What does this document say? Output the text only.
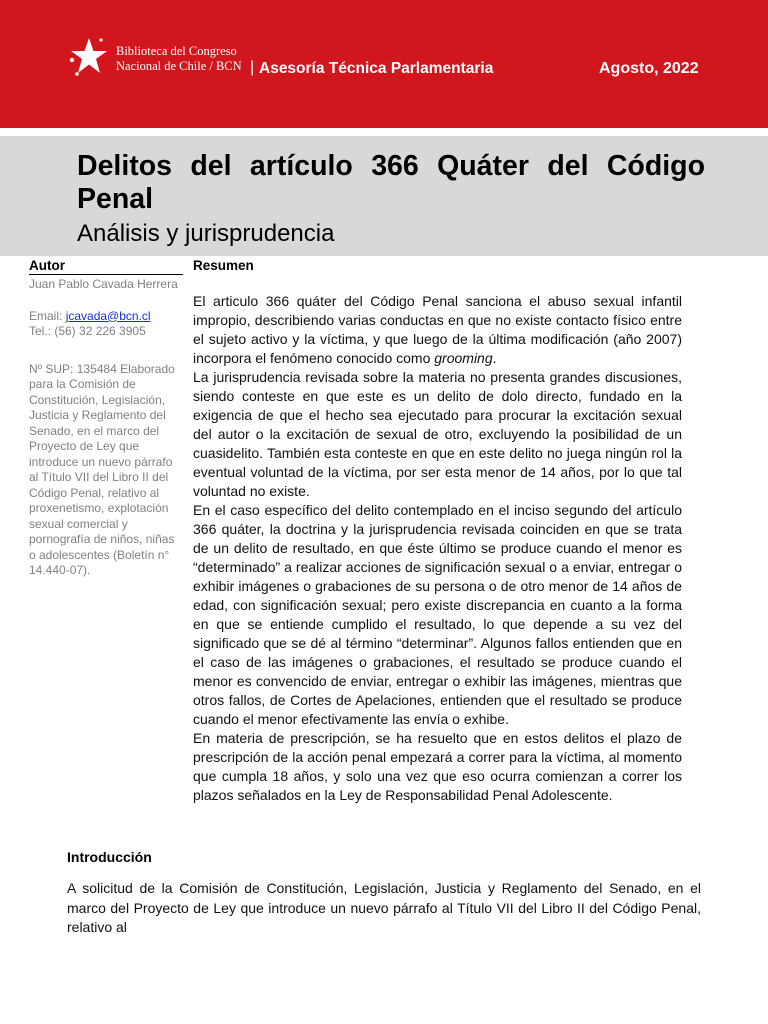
Biblioteca del Congreso
Nacional de Chile / BCN | Asesoría Técnica Parlamentaria	Agosto, 2022
Delitos del artículo 366 Quáter del Código Penal
Análisis y jurisprudencia
Autor

Juan Pablo Cavada Herrera

Email: jcavada@bcn.cl

Tel.: (56) 32 226 3905

Nº SUP: 135484 Elaborado para la Comisión de Constitución, Legislación, Justicia y Reglamento del Senado, en el marco del Proyecto de Ley que introduce un nuevo párrafo al Título VII del Libro II del Código Penal, relativo al proxenetismo, explotación sexual comercial y pornografía de niños, niñas o adolescentes (Boletín n° 14.440-07).

Resumen

El articulo 366 quáter del Código Penal sanciona el abuso sexual infantil impropio, describiendo varias conductas en que no existe contacto físico entre el sujeto activo y la víctima, y que luego de la última modificación (año 2007) incorpora el fenómeno conocido como grooming.

La jurisprudencia revisada sobre la materia no presenta grandes discusiones, siendo conteste en que este es un delito de dolo directo, fundado en la exigencia de que el hecho sea ejecutado para procurar la excitación sexual del autor o la excitación de sexual de otro, excluyendo la posibilidad de un cuasidelito. También esta conteste en que en este delito no juega ningún rol la eventual voluntad de la víctima, por ser esta menor de 14 años, por lo que tal voluntad no existe.

En el caso específico del delito contemplado en el inciso segundo del artículo 366 quáter, la doctrina y la jurisprudencia revisada coinciden en que se trata de un delito de resultado, en que éste último se produce cuando el menor es “determinado” a realizar acciones de significación sexual o a enviar, entregar o exhibir imágenes o grabaciones de su persona o de otro menor de 14 años de edad, con significación sexual; pero existe discrepancia en cuanto a la forma en que se entiende cumplido el resultado, lo que depende a su vez del significado que se dé al término “determinar”. Algunos fallos entienden que en el caso de las imágenes o grabaciones, el resultado se produce cuando el menor es convencido de enviar, entregar o exhibir las imágenes, mientras que otros fallos, de Cortes de Apelaciones, entienden que el resultado se produce cuando el menor efectivamente las envía o exhibe.

En materia de prescripción, se ha resuelto que en estos delitos el plazo de prescripción de la acción penal empezará a correr para la víctima, al momento que cumpla 18 años, y solo una vez que eso ocurra comienzan a correr los plazos señalados en la Ley de Responsabilidad Penal Adolescente.

Introducción

A solicitud de la Comisión de Constitución, Legislación, Justicia y Reglamento del Senado, en el marco del Proyecto de Ley que introduce un nuevo párrafo al Título VII del Libro II del Código Penal, relativo al
